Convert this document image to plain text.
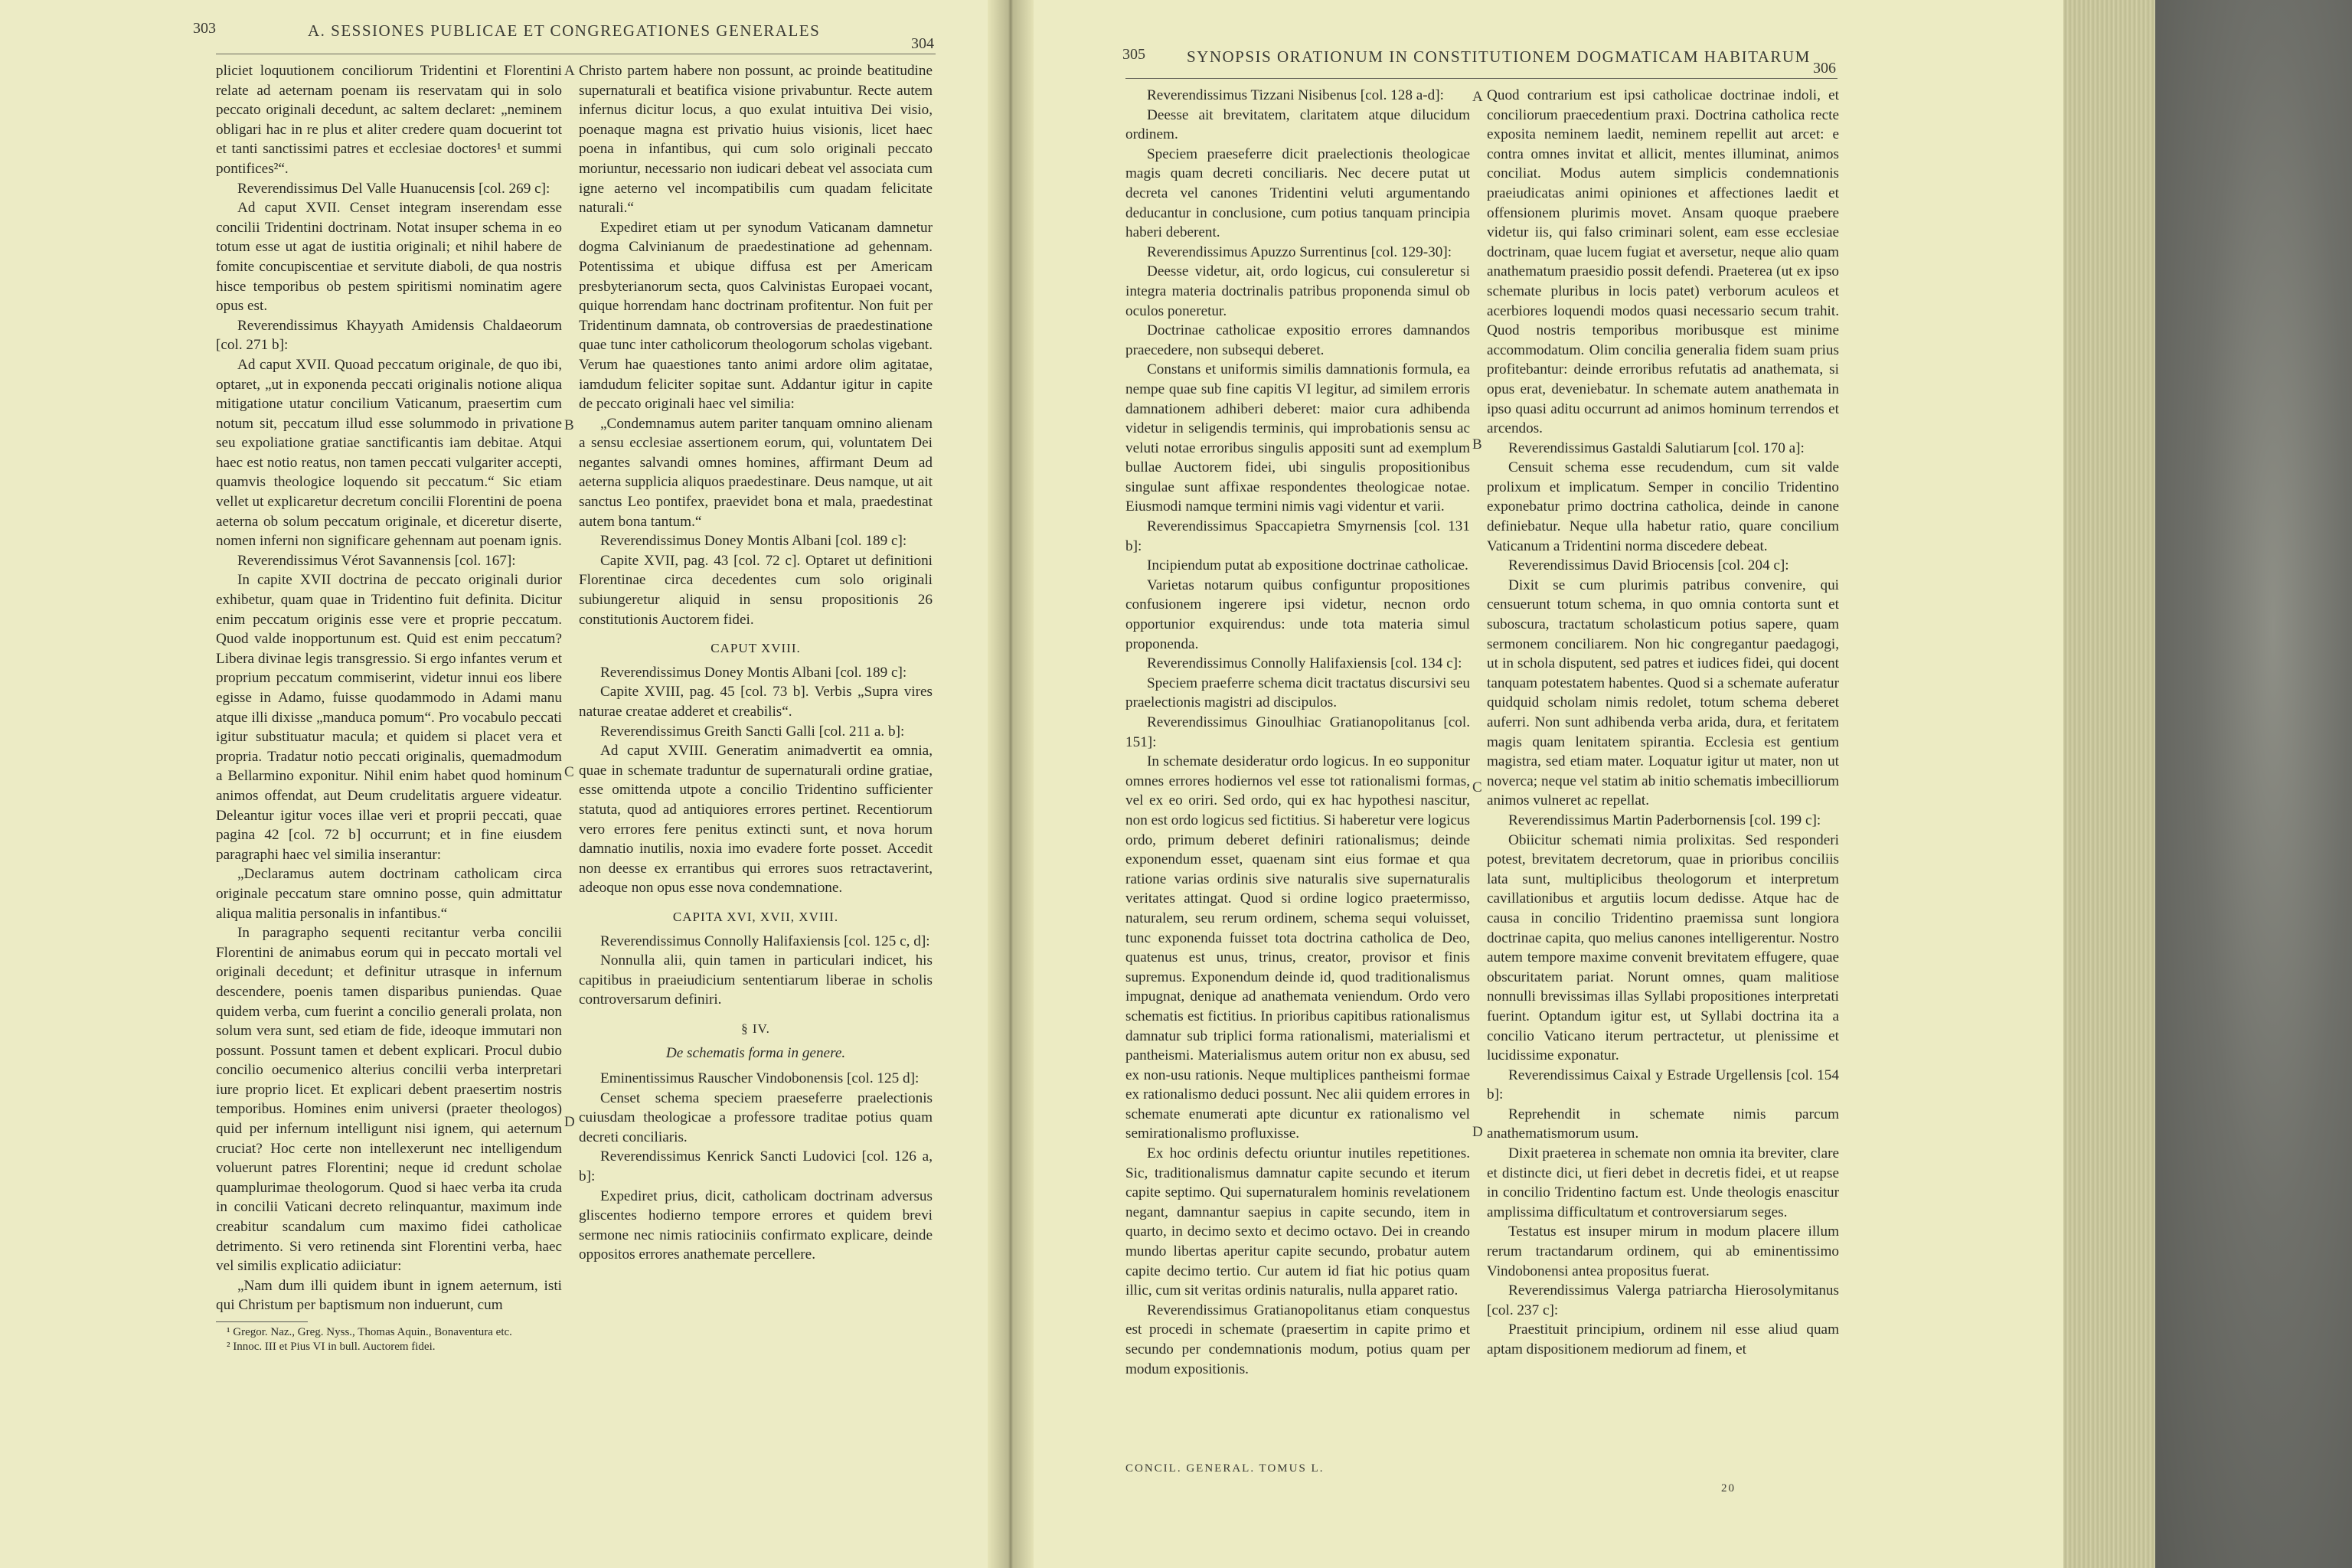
303	A. SESSIONES PUBLICAE ET CONGREGATIONES GENERALES
304

pliciet loquutionem conciliorum Tridentini et Florentini relate ad aeternam poenam iis reservatam qui in solo peccato originali decedunt, ac saltem declaret: „neminem obligari hac in re plus et aliter credere quam docuerint tot et tanti sanctissimi patres et ecclesiae doctores¹ et summi pontifices²“.

Reverendissimus Del Valle Huanucensis [col. 269 c]:

Ad caput XVII. Censet integram inserendam esse concilii Tridentini doctrinam. Notat insuper schema in eo totum esse ut agat de iustitia originali; et nihil habere de fomite concupiscentiae et servitute diaboli, de qua nostris hisce temporibus ob pestem spiritismi nominatim agere opus est.

Reverendissimus Khayyath Amidensis Chaldaeorum [col. 271 b]:

Ad caput XVII. Quoad peccatum originale, de quo ibi, optaret, „ut in exponenda peccati originalis notione aliqua mitigatione utatur concilium Vaticanum, praesertim cum notum sit, peccatum illud esse solummodo in privatione seu expoliatione gratiae sanctificantis iam debitae. Atqui haec est notio reatus, non tamen peccati vulgariter accepti, quamvis theologice loquendo sit peccatum.“ Sic etiam vellet ut explicaretur decretum concilii Florentini de poena aeterna ob solum peccatum originale, et diceretur diserte, nomen inferni non significare gehennam aut poenam ignis.

Reverendissimus Vérot Savannensis [col. 167]:

In capite XVII doctrina de peccato originali durior exhibetur, quam quae in Tridentino fuit definita. Dicitur enim peccatum originis esse vere et proprie peccatum. Quod valde inopportunum est. Quid est enim peccatum? Libera divinae legis transgressio. Si ergo infantes verum et proprium peccatum commiserint, videtur innui eos libere egisse in Adamo, fuisse quodammodo in Adami manu atque illi dixisse „manduca pomum“. Pro vocabulo peccati igitur substituatur macula; et quidem si placet vera et propria. Tradatur notio peccati originalis, quemadmodum a Bellarmino exponitur. Nihil enim habet quod hominum animos offendat, aut Deum crudelitatis arguere videatur. Deleantur igitur voces illae veri et proprii peccati, quae pagina 42 [col. 72 b] occurrunt; et in fine eiusdem paragraphi haec vel similia inserantur:

„Declaramus autem doctrinam catholicam circa originale peccatum stare omnino posse, quin admittatur aliqua malitia personalis in infantibus.“

In paragrapho sequenti recitantur verba concilii Florentini de animabus eorum qui in peccato mortali vel originali decedunt; et definitur utrasque in infernum descendere, poenis tamen disparibus puniendas. Quae quidem verba, cum fuerint a concilio generali prolata, non solum vera sunt, sed etiam de fide, ideoque immutari non possunt. Possunt tamen et debent explicari. Procul dubio concilio oecumenico alterius concilii verba interpretari iure proprio licet. Et explicari debent praesertim nostris temporibus. Homines enim universi (praeter theologos) quid per infernum intelligunt nisi ignem, qui aeternum cruciat? Hoc certe non intellexerunt nec intelligendum voluerunt patres Florentini; neque id credunt scholae quamplurimae theologorum. Quod si haec verba ita cruda in concilii Vaticani decreto relinquantur, maximum inde creabitur scandalum cum maximo fidei catholicae detrimento. Si vero retinenda sint Florentini verba, haec vel similis explicatio adiiciatur:

„Nam dum illi quidem ibunt in ignem aeternum, isti qui Christum per baptismum non induerunt, cum

¹ Gregor. Naz., Greg. Nyss., Thomas Aquin., Bonaventura etc.
² Innoc. III et Pius VI in bull. Auctorem fidei.

Christo partem habere non possunt, ac proinde beatitudine supernaturali et beatifica visione privabuntur. Recte autem infernus dicitur locus, a quo exulat intuitiva Dei visio, poenaque magna est privatio huius visionis, licet haec poena in infantibus, qui cum solo originali peccato moriuntur, necessario non iudicari debeat vel associata cum igne aeterno vel incompatibilis cum quadam felicitate naturali.“

Expediret etiam ut per synodum Vaticanam damnetur dogma Calvinianum de praedestinatione ad gehennam. Potentissima et ubique diffusa est per Americam presbyterianorum secta, quos Calvinistas Europaei vocant, quique horrendam hanc doctrinam profitentur. Non fuit per Tridentinum damnata, ob controversias de praedestinatione quae tunc inter catholicorum theologorum scholas vigebant. Verum hae quaestiones tanto animi ardore olim agitatae, iamdudum feliciter sopitae sunt. Addantur igitur in capite de peccato originali haec vel similia:

„Condemnamus autem pariter tanquam omnino alienam a sensu ecclesiae assertionem eorum, qui, voluntatem Dei negantes salvandi omnes homines, affirmant Deum ad aeterna supplicia aliquos praedestinare. Deus namque, ut ait sanctus Leo pontifex, praevidet bona et mala, praedestinat autem bona tantum.“

Reverendissimus Doney Montis Albani [col. 189 c]:

Capite XVII, pag. 43 [col. 72 c]. Optaret ut definitioni Florentinae circa decedentes cum solo originali subiungeretur aliquid in sensu propositionis 26 constitutionis Auctorem fidei.

CAPUT XVIII.

Reverendissimus Doney Montis Albani [col. 189 c]:

Capite XVIII, pag. 45 [col. 73 b]. Verbis „Supra vires naturae creatae adderet et creabilis“.

Reverendissimus Greith Sancti Galli [col. 211 a. b]:

Ad caput XVIII. Generatim animadvertit ea omnia, quae in schemate traduntur de supernaturali ordine gratiae, esse omittenda utpote a concilio Tridentino sufficienter statuta, quod ad antiquiores errores pertinet. Recentiorum vero errores fere penitus extincti sunt, et nova horum damnatio inutilis, noxia imo evadere forte posset. Accedit non deesse ex errantibus qui errores suos retractaverint, adeoque non opus esse nova condemnatione.

CAPITA XVI, XVII, XVIII.

Reverendissimus Connolly Halifaxiensis [col. 125 c, d]:

Nonnulla alii, quin tamen in particulari indicet, his capitibus in praeiudicium sententiarum liberae in scholis controversarum definiri.

§ IV.

De schematis forma in genere.

Eminentissimus Rauscher Vindobonensis [col. 125 d]:

Censet schema speciem praeseferre praelectionis cuiusdam theologicae a professore traditae potius quam decreti conciliaris.

Reverendissimus Kenrick Sancti Ludovici [col. 126 a, b]:

Expediret prius, dicit, catholicam doctrinam adversus gliscentes hodierno tempore errores et quidem brevi sermone nec nimis ratiociniis confirmato explicare, deinde oppositos errores anathemate percellere.

A
B
C
D
305	SYNOPSIS ORATIONUM IN CONSTITUTIONEM DOGMATICAM HABITARUM
306

Reverendissimus Tizzani Nisibenus [col. 128 a-d]:

Deesse ait brevitatem, claritatem atque dilucidum ordinem.

Speciem praeseferre dicit praelectionis theologicae magis quam decreti conciliaris. Nec decere putat ut decreta vel canones Tridentini veluti argumentando deducantur in conclusione, cum potius tanquam principia haberi deberent.

Reverendissimus Apuzzo Surrentinus [col. 129-30]:

Deesse videtur, ait, ordo logicus, cui consuleretur si integra materia doctrinalis patribus proponenda simul ob oculos poneretur.

Doctrinae catholicae expositio errores damnandos praecedere, non subsequi deberet.

Constans et uniformis similis damnationis formula, ea nempe quae sub fine capitis VI legitur, ad similem erroris damnationem adhiberi deberet: maior cura adhibenda videtur in seligendis terminis, qui improbationis sensu ac veluti notae erroribus singulis appositi sunt ad exemplum bullae Auctorem fidei, ubi singulis propositionibus singulae sunt affixae respondentes theologicae notae. Eiusmodi namque termini nimis vagi videntur et varii.

Reverendissimus Spaccapietra Smyrnensis [col. 131 b]:

Incipiendum putat ab expositione doctrinae catholicae.

Varietas notarum quibus configuntur propositiones confusionem ingerere ipsi videtur, necnon ordo opportunior exquirendus: unde tota materia simul proponenda.

Reverendissimus Connolly Halifaxiensis [col. 134 c]:

Speciem praeferre schema dicit tractatus discursivi seu praelectionis magistri ad discipulos.

Reverendissimus Ginoulhiac Gratianopolitanus [col. 151]:

In schemate desideratur ordo logicus. In eo supponitur omnes errores hodiernos vel esse tot rationalismi formas, vel ex eo oriri. Sed ordo, qui ex hac hypothesi nascitur, non est ordo logicus sed fictitius. Si haberetur vere logicus ordo, primum deberet definiri rationalismus; deinde exponendum esset, quaenam sint eius formae et qua ratione varias ordinis sive naturalis sive supernaturalis veritates attingat. Quod si ordine logico praetermisso, naturalem, seu rerum ordinem, schema sequi voluisset, tunc exponenda fuisset tota doctrina catholica de Deo, quatenus est unus, trinus, creator, provisor et finis supremus. Exponendum deinde id, quod traditionalismus impugnat, denique ad anathemata veniendum. Ordo vero schematis est fictitius. In prioribus capitibus rationalismus damnatur sub triplici forma rationalismi, materialismi et pantheismi. Materialismus autem oritur non ex abusu, sed ex non-usu rationis. Neque multiplices pantheismi formae ex rationalismo deduci possunt. Nec alii quidem errores in schemate enumerati apte dicuntur ex rationalismo vel semirationalismo profluxisse.

Ex hoc ordinis defectu oriuntur inutiles repetitiones. Sic, traditionalismus damnatur capite secundo et iterum capite septimo. Qui supernaturalem hominis revelationem negant, damnantur saepius in capite secundo, item in quarto, in decimo sexto et decimo octavo. Dei in creando mundo libertas aperitur capite secundo, probatur autem capite decimo tertio. Cur autem id fiat hic potius quam illic, cum sit veritas ordinis naturalis, nulla apparet ratio.

Reverendissimus Gratianopolitanus etiam conquestus est procedi in schemate (praesertim in capite primo et secundo per condemnationis modum, potius quam per modum expositionis.

Quod contrarium est ipsi catholicae doctrinae indoli, et conciliorum praecedentium praxi. Doctrina catholica recte exposita neminem laedit, neminem repellit aut arcet: e contra omnes invitat et allicit, mentes illuminat, animos conciliat. Modus autem simplicis condemnationis praeiudicatas animi opiniones et affectiones laedit et offensionem plurimis movet. Ansam quoque praebere videtur iis, qui falso criminari solent, eam esse ecclesiae doctrinam, quae lucem fugiat et aversetur, neque alio quam anathematum praesidio possit defendi. Praeterea (ut ex ipso schemate pluribus in locis patet) verborum aculeos et acerbiores loquendi modos quasi necessario secum trahit. Quod nostris temporibus moribusque est minime accommodatum. Olim concilia generalia fidem suam prius profitebantur: deinde erroribus refutatis ad anathemata, si opus erat, deveniebatur. In schemate autem anathemata in ipso quasi aditu occurrunt ad animos hominum terrendos et arcendos.

Reverendissimus Gastaldi Salutiarum [col. 170 a]:

Censuit schema esse recudendum, cum sit valde prolixum et implicatum. Semper in concilio Tridentino exponebatur primo doctrina catholica, deinde in canone definiebatur. Neque ulla habetur ratio, quare concilium Vaticanum a Tridentini norma discedere debeat.

Reverendissimus David Briocensis [col. 204 c]:

Dixit se cum plurimis patribus convenire, qui censuerunt totum schema, in quo omnia contorta sunt et suboscura, tractatum scholasticum potius sapere, quam sermonem conciliarem. Non hic congregantur paedagogi, ut in schola disputent, sed patres et iudices fidei, qui docent tanquam potestatem habentes. Quod si a schemate auferatur quidquid scholam nimis redolet, totum schema deberet auferri. Non sunt adhibenda verba arida, dura, et feritatem magis quam lenitatem spirantia. Ecclesia est gentium magistra, sed etiam mater. Loquatur igitur ut mater, non ut noverca; neque vel statim ab initio schematis imbecilliorum animos vulneret ac repellat.

Reverendissimus Martin Paderbornensis [col. 199 c]:

Obiicitur schemati nimia prolixitas. Sed responderi potest, brevitatem decretorum, quae in prioribus conciliis lata sunt, multiplicibus theologorum et interpretum cavillationibus et argutiis locum dedisse. Atque hac de causa in concilio Tridentino praemissa sunt longiora doctrinae capita, quo melius canones intelligerentur. Nostro autem tempore maxime convenit brevitatem effugere, quae obscuritatem pariat. Norunt omnes, quam malitiose nonnulli brevissimas illas Syllabi propositiones interpretati fuerint. Optandum igitur est, ut Syllabi doctrina ita a concilio Vaticano iterum pertractetur, ut plenissime et lucidissime exponatur.

Reverendissimus Caixal y Estrade Urgellensis [col. 154 b]:

Reprehendit in schemate nimis parcum anathematismorum usum.

Dixit praeterea in schemate non omnia ita breviter, clare et distincte dici, ut fieri debet in decretis fidei, et ut reapse in concilio Tridentino factum est. Unde theologis enascitur amplissima difficultatum et controversiarum seges.

Testatus est insuper mirum in modum placere illum rerum tractandarum ordinem, qui ab eminentissimo Vindobonensi antea propositus fuerat.

Reverendissimus Valerga patriarcha Hierosolymitanus [col. 237 c]:

Praestituit principium, ordinem nil esse aliud quam aptam dispositionem mediorum ad finem, et

A
B
C
D
CONCIL. GENERAL. TOMUS L.
20
